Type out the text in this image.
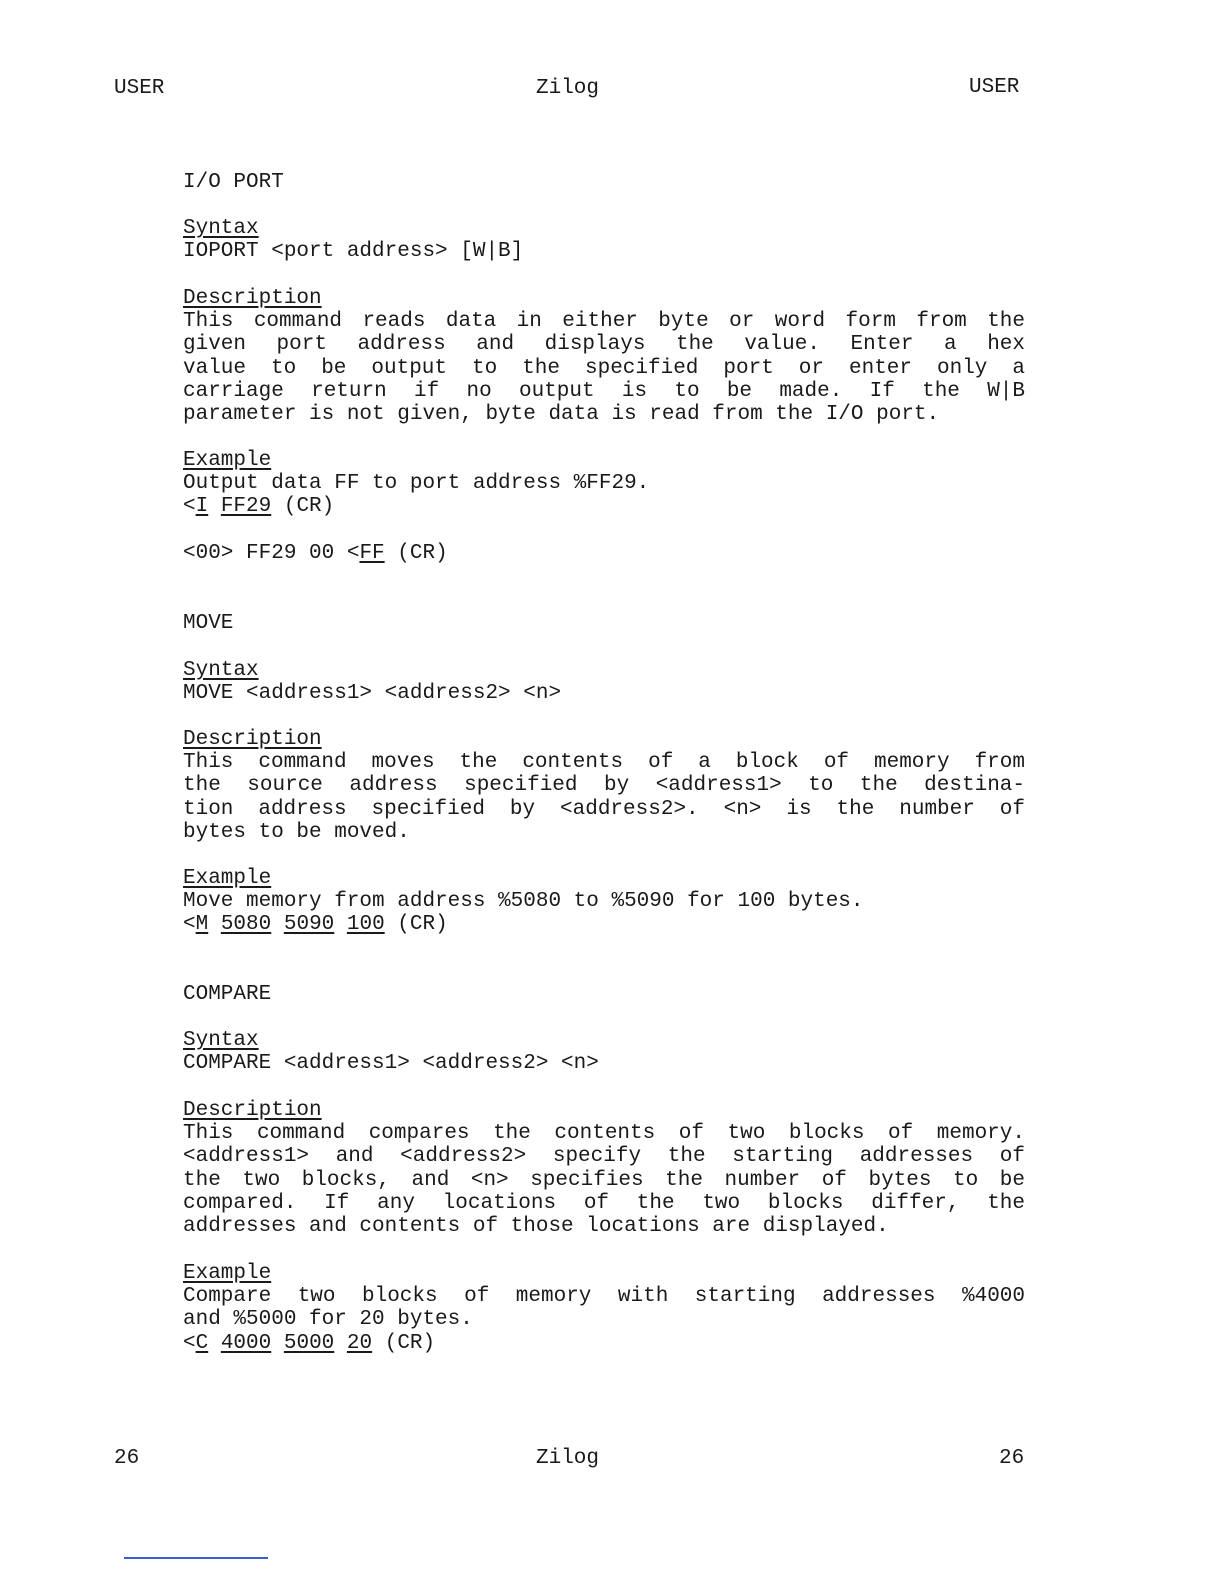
USER	Zilog	USER
I/O PORT
Syntax
IOPORT <port address> [W|B]
Description
This command reads data in either byte or word form from the
given port address and displays the value. Enter a hex
value to be output to the specified port or enter only a
carriage return if no output is to be made. If the W|B
parameter is not given, byte data is read from the I/O port.
Example
Output data FF to port address %FF29.
<I FF29 (CR)
<00> FF29 00 <FF (CR)
MOVE
Syntax
MOVE <address1> <address2> <n>
Description
This command moves the contents of a block of memory from
the source address specified by <address1> to the destina-
tion address specified by <address2>. <n> is the number of
bytes to be moved.
Example
Move memory from address %5080 to %5090 for 100 bytes.
<M 5080 5090 100 (CR)
COMPARE
Syntax
COMPARE <address1> <address2> <n>
Description
This command compares the contents of two blocks of memory.
<address1> and <address2> specify the starting addresses of
the two blocks, and <n> specifies the number of bytes to be
compared. If any locations of the two blocks differ, the
addresses and contents of those locations are displayed.
Example
Compare two blocks of memory with starting addresses %4000
and %5000 for 20 bytes.
<C 4000 5000 20 (CR)
26	Zilog	26
